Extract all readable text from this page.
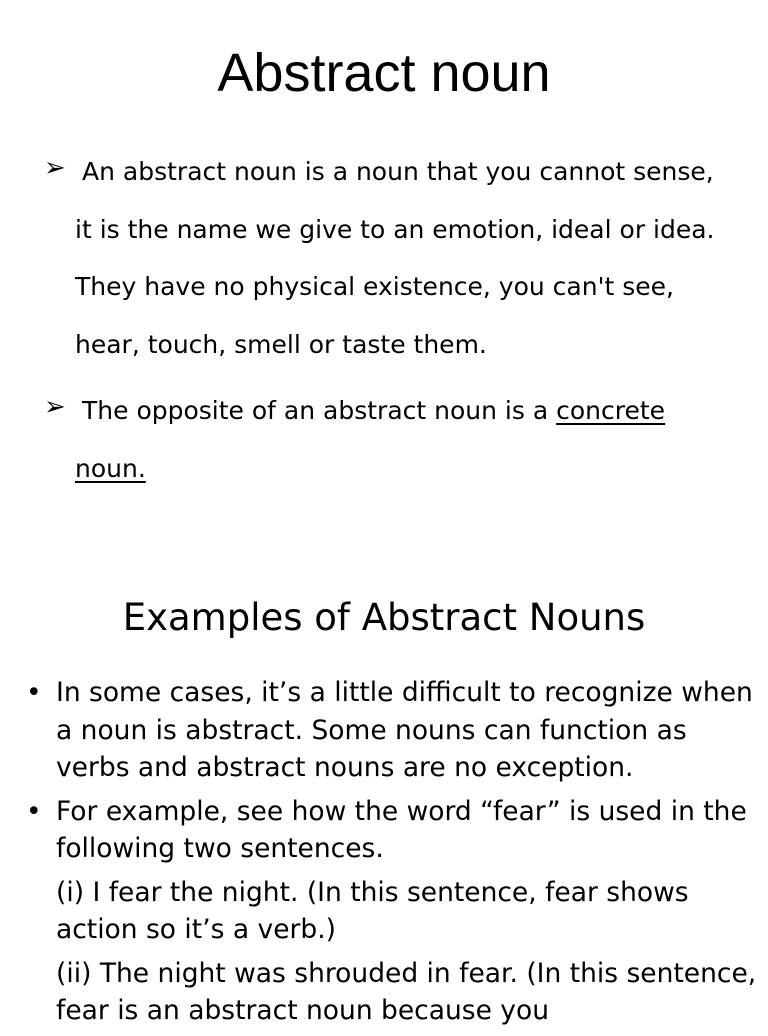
Abstract noun
➢ An abstract noun is a noun that you cannot sense, it is the name we give to an emotion, ideal or idea. They have no physical existence, you can't see, hear, touch, smell or taste them.

➢ The opposite of an abstract noun is a concrete noun.

Examples of Abstract Nouns
• In some cases, it’s a little difficult to recognize when a noun is abstract. Some nouns can function as verbs and abstract nouns are no exception.
• For example, see how the word “fear” is used in the following two sentences.
(i) I fear the night. (In this sentence, fear shows action so it’s a verb.)
(ii) The night was shrouded in fear. (In this sentence, fear is an abstract noun because you
